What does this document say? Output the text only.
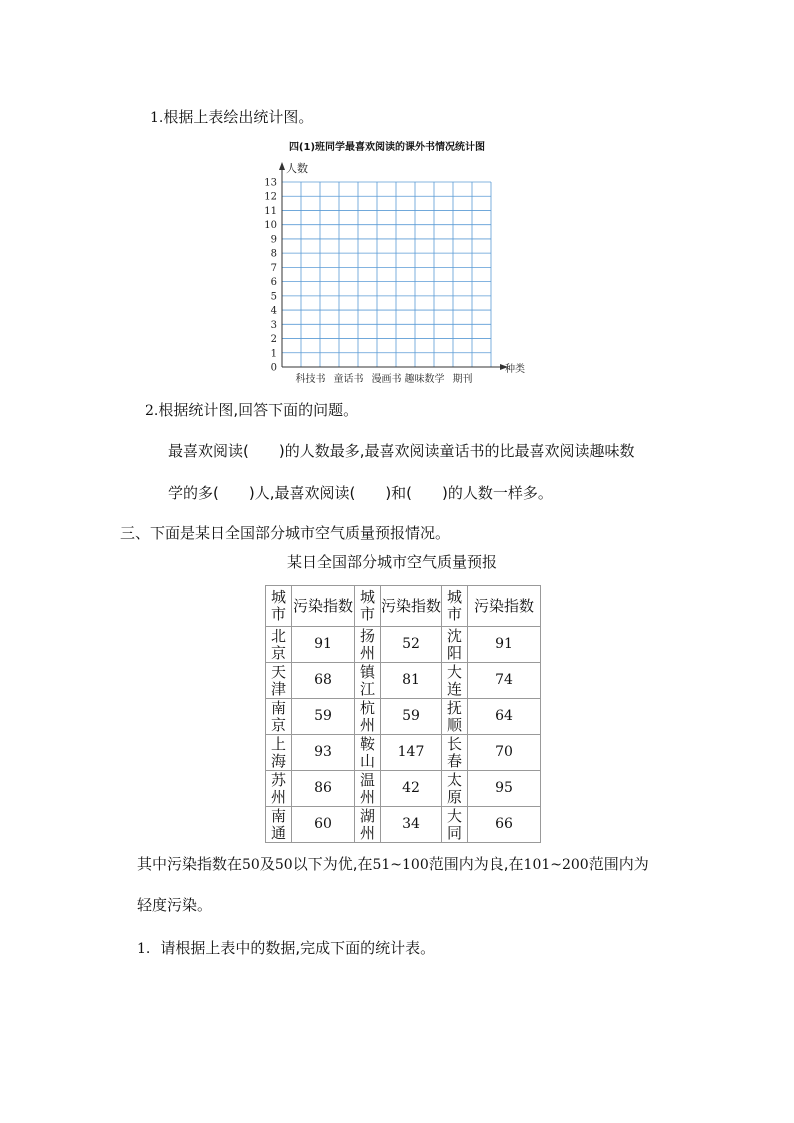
1.根据上表绘出统计图。
四(1)班同学最喜欢阅读的课外书情况统计图
人数
种类
0
1
2
3
4
5
6
7
8
9
10
11
12
13
科技书 童话书 漫画书 趣味数学 期刊
2.根据统计图,回答下面的问题。
最喜欢阅读(　　)的人数最多,最喜欢阅读童话书的比最喜欢阅读趣味数
学的多(　　)人,最喜欢阅读(　　)和(　　)的人数一样多。
三、下面是某日全国部分城市空气质量预报情况。
某日全国部分城市空气质量预报
城市	污染指数	城市	污染指数	城市	污染指数
北京	91	扬州	52	沈阳	91
天津	68	镇江	81	大连	74
南京	59	杭州	59	抚顺	64
上海	93	鞍山	147	长春	70
苏州	86	温州	42	太原	95
南通	60	湖州	34	大同	66
其中污染指数在50及50以下为优,在51~100范围内为良,在101~200范围内为
轻度污染。
1. 请根据上表中的数据,完成下面的统计表。
